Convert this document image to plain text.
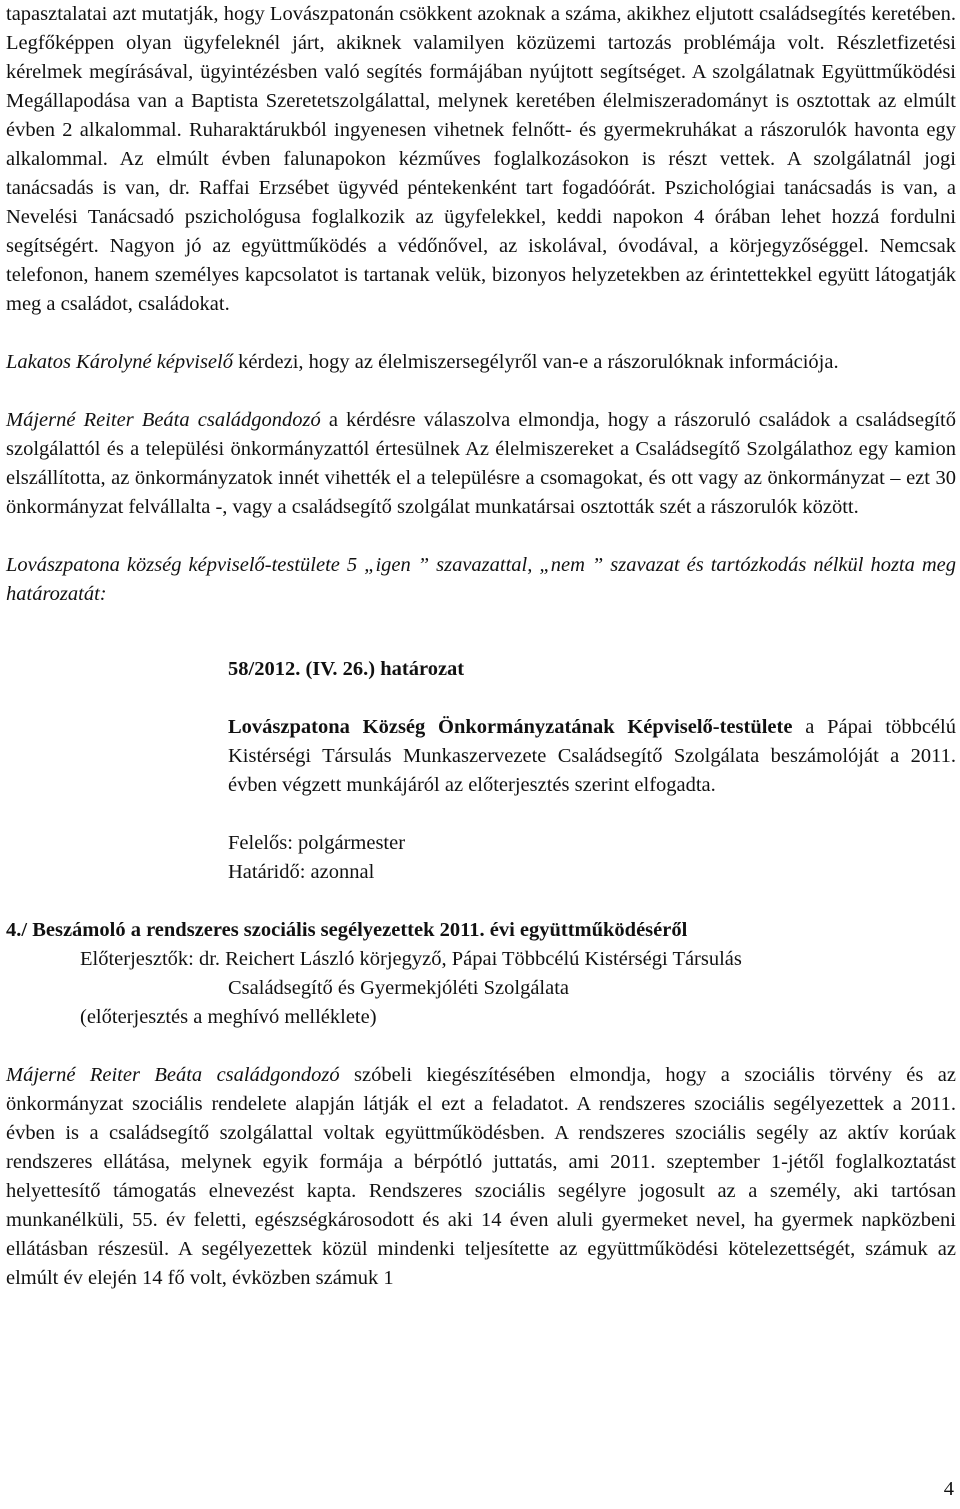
tapasztalatai azt mutatják, hogy Lovászpatonán csökkent azoknak a száma, akikhez eljutott családsegítés keretében. Legfőképpen olyan ügyfeleknél járt, akiknek valamilyen közüzemi tartozás problémája volt. Részletfizetési kérelmek megírásával, ügyintézésben való segítés formájában nyújtott segítséget. A szolgálatnak Együttműködési Megállapodása van a Baptista Szeretetszolgálattal, melynek keretében élelmiszeradományt is osztottak az elmúlt évben 2 alkalommal. Ruharaktárukból ingyenesen vihetnek felnőtt- és gyermekruhákat a rászorulók havonta egy alkalommal. Az elmúlt évben falunapokon kézműves foglalkozásokon is részt vettek. A szolgálatnál jogi tanácsadás is van, dr. Raffai Erzsébet ügyvéd péntekenként tart fogadóórát. Pszichológiai tanácsadás is van, a Nevelési Tanácsadó pszichológusa foglalkozik az ügyfelekkel, keddi napokon 4 órában lehet hozzá fordulni segítségért. Nagyon jó az együttműködés a védőnővel, az iskolával, óvodával, a körjegyzőséggel. Nemcsak telefonon, hanem személyes kapcsolatot is tartanak velük, bizonyos helyzetekben az érintettekkel együtt látogatják meg a családot, családokat.

Lakatos Károlyné képviselő kérdezi, hogy az élelmiszersegélyről van-e a rászorulóknak információja.

Májerné Reiter Beáta családgondozó a kérdésre válaszolva elmondja, hogy a rászoruló családok a családsegítő szolgálattól és a települési önkormányzattól értesülnek Az élelmiszereket a Családsegítő Szolgálathoz egy kamion elszállította, az önkormányzatok innét vihették el a településre a csomagokat, és ott vagy az önkormányzat – ezt 30 önkormányzat felvállalta -, vagy a családsegítő szolgálat munkatársai osztották szét a rászorulók között.

Lovászpatona község képviselő-testülete 5 „igen ” szavazattal, „nem ” szavazat és tartózkodás nélkül hozta meg határozatát:

58/2012. (IV. 26.) határozat

Lovászpatona Község Önkormányzatának Képviselő-testülete a Pápai többcélú Kistérségi Társulás Munkaszervezete Családsegítő Szolgálata beszámolóját a 2011. évben végzett munkájáról az előterjesztés szerint elfogadta.

Felelős: polgármester

Határidő: azonnal

4./ Beszámoló a rendszeres szociális segélyezettek 2011. évi együttműködéséről

Előterjesztők: dr. Reichert László körjegyző, Pápai Többcélú Kistérségi Társulás

Családsegítő és Gyermekjóléti Szolgálata

(előterjesztés a meghívó melléklete)

Májerné Reiter Beáta családgondozó szóbeli kiegészítésében elmondja, hogy a szociális törvény és az önkormányzat szociális rendelete alapján látják el ezt a feladatot. A rendszeres szociális segélyezettek a 2011. évben is a családsegítő szolgálattal voltak együttműködésben. A rendszeres szociális segély az aktív korúak rendszeres ellátása, melynek egyik formája a bérpótló juttatás, ami 2011. szeptember 1-jétől foglalkoztatást helyettesítő támogatás elnevezést kapta. Rendszeres szociális segélyre jogosult az a személy, aki tartósan munkanélküli, 55. év feletti, egészségkárosodott és aki 14 éven aluli gyermeket nevel, ha gyermek napközbeni ellátásban részesül. A segélyezettek közül mindenki teljesítette az együttműködési kötelezettségét, számuk az elmúlt év elején 14 fő volt, évközben számuk 1

4
